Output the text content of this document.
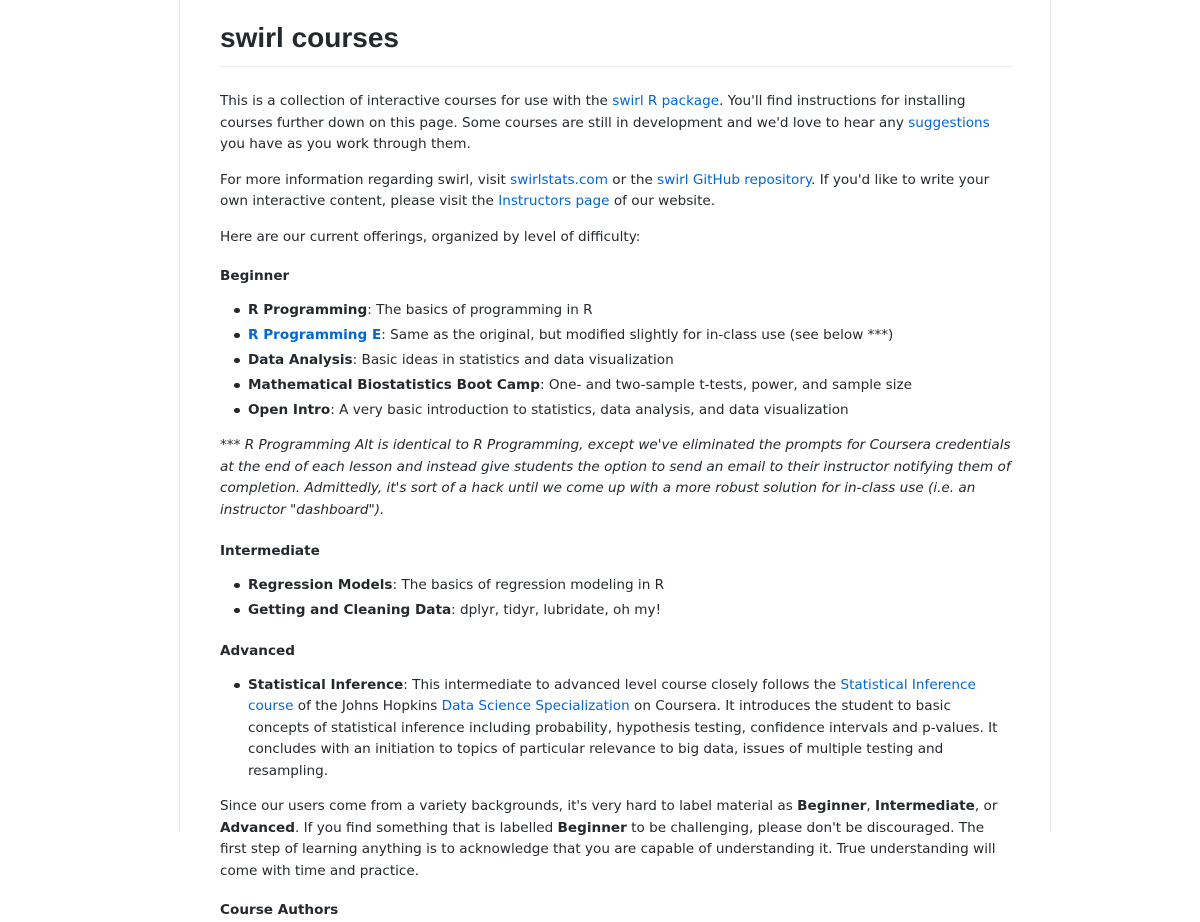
swirl courses

This is a collection of interactive courses for use with the swirl R package. You'll find instructions for installing courses further down on this page. Some courses are still in development and we'd love to hear any suggestions you have as you work through them.

For more information regarding swirl, visit swirlstats.com or the swirl GitHub repository. If you'd like to write your own interactive content, please visit the Instructors page of our website.

Here are our current offerings, organized by level of difficulty:

Beginner
R Programming: The basics of programming in R
R Programming E: Same as the original, but modified slightly for in-class use (see below ***)
Data Analysis: Basic ideas in statistics and data visualization
Mathematical Biostatistics Boot Camp: One- and two-sample t-tests, power, and sample size
Open Intro: A very basic introduction to statistics, data analysis, and data visualization

*** R Programming Alt is identical to R Programming, except we've eliminated the prompts for Coursera credentials at the end of each lesson and instead give students the option to send an email to their instructor notifying them of completion. Admittedly, it's sort of a hack until we come up with a more robust solution for in-class use (i.e. an instructor "dashboard").

Intermediate
Regression Models: The basics of regression modeling in R
Getting and Cleaning Data: dplyr, tidyr, lubridate, oh my!
Advanced
Statistical Inference: This intermediate to advanced level course closely follows the Statistical Inference course of the Johns Hopkins Data Science Specialization on Coursera. It introduces the student to basic concepts of statistical inference including probability, hypothesis testing, confidence intervals and p-values. It concludes with an initiation to topics of particular relevance to big data, issues of multiple testing and resampling.

Since our users come from a variety backgrounds, it's very hard to label material as Beginner, Intermediate, or Advanced. If you find something that is labelled Beginner to be challenging, please don't be discouraged. The first step of learning anything is to acknowledge that you are capable of understanding it. True understanding will come with time and practice.

Course Authors
